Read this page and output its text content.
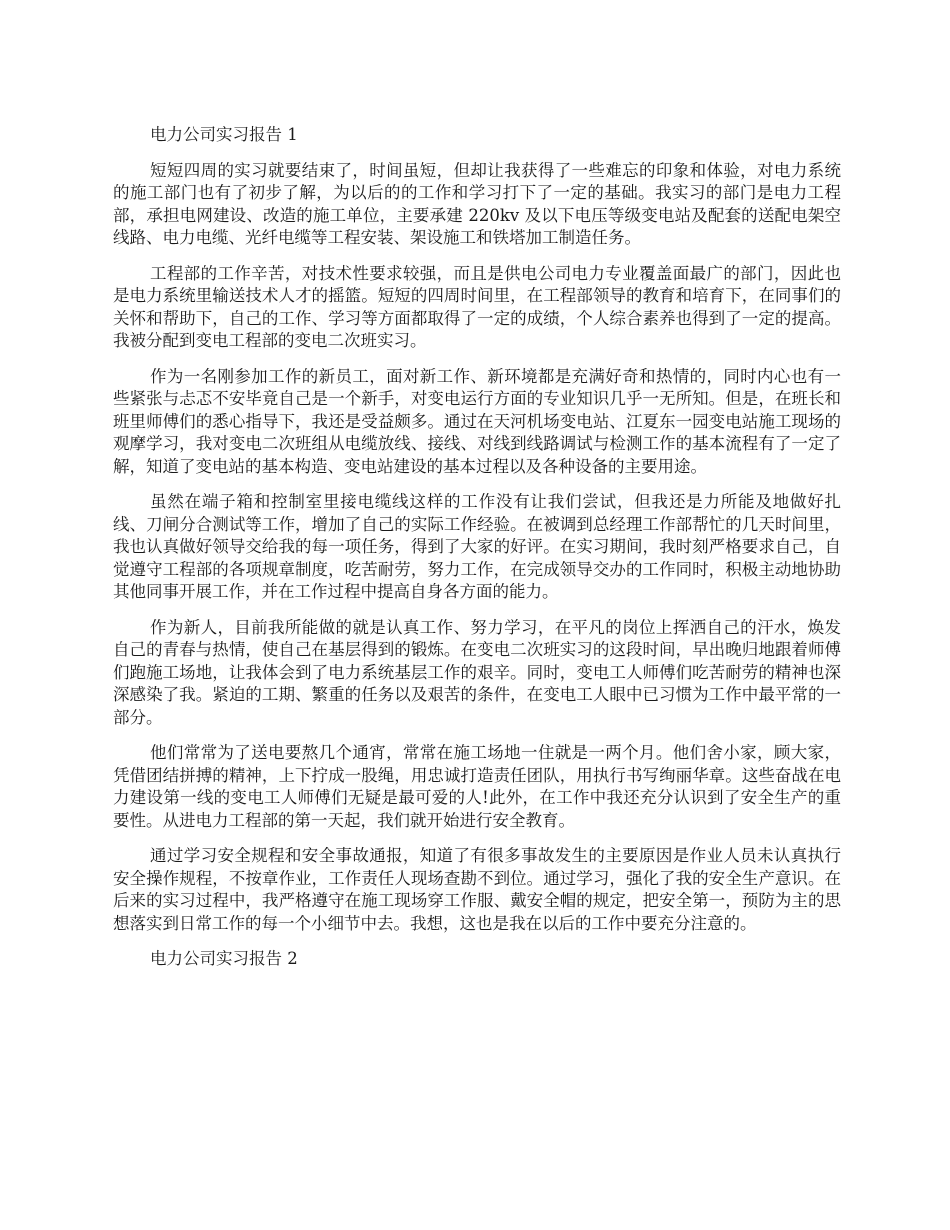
电力公司实习报告 1

短短四周的实习就要结束了，时间虽短，但却让我获得了一些难忘的印象和体验，对电力系统的施工部门也有了初步了解，为以后的的工作和学习打下了一定的基础。我实习的部门是电力工程部，承担电网建设、改造的施工单位，主要承建 220kv 及以下电压等级变电站及配套的送配电架空线路、电力电缆、光纤电缆等工程安装、架设施工和铁塔加工制造任务。

工程部的工作辛苦，对技术性要求较强，而且是供电公司电力专业覆盖面最广的部门，因此也是电力系统里输送技术人才的摇篮。短短的四周时间里，在工程部领导的教育和培育下，在同事们的关怀和帮助下，自己的工作、学习等方面都取得了一定的成绩，个人综合素养也得到了一定的提高。我被分配到变电工程部的变电二次班实习。

作为一名刚参加工作的新员工，面对新工作、新环境都是充满好奇和热情的，同时内心也有一些紧张与忐忑不安毕竟自己是一个新手，对变电运行方面的专业知识几乎一无所知。但是，在班长和班里师傅们的悉心指导下，我还是受益颇多。通过在天河机场变电站、江夏东一园变电站施工现场的观摩学习，我对变电二次班组从电缆放线、接线、对线到线路调试与检测工作的基本流程有了一定了解，知道了变电站的基本构造、变电站建设的基本过程以及各种设备的主要用途。

虽然在端子箱和控制室里接电缆线这样的工作没有让我们尝试，但我还是力所能及地做好扎线、刀闸分合测试等工作，增加了自己的实际工作经验。在被调到总经理工作部帮忙的几天时间里，我也认真做好领导交给我的每一项任务，得到了大家的好评。在实习期间，我时刻严格要求自己，自觉遵守工程部的各项规章制度，吃苦耐劳，努力工作，在完成领导交办的工作同时，积极主动地协助其他同事开展工作，并在工作过程中提高自身各方面的能力。

作为新人，目前我所能做的就是认真工作、努力学习，在平凡的岗位上挥洒自己的汗水，焕发自己的青春与热情，使自己在基层得到的锻炼。在变电二次班实习的这段时间，早出晚归地跟着师傅们跑施工场地，让我体会到了电力系统基层工作的艰辛。同时，变电工人师傅们吃苦耐劳的精神也深深感染了我。紧迫的工期、繁重的任务以及艰苦的条件，在变电工人眼中已习惯为工作中最平常的一部分。

他们常常为了送电要熬几个通宵，常常在施工场地一住就是一两个月。他们舍小家，顾大家，凭借团结拼搏的精神，上下拧成一股绳，用忠诚打造责任团队，用执行书写绚丽华章。这些奋战在电力建设第一线的变电工人师傅们无疑是最可爱的人!此外，在工作中我还充分认识到了安全生产的重要性。从进电力工程部的第一天起，我们就开始进行安全教育。

通过学习安全规程和安全事故通报，知道了有很多事故发生的主要原因是作业人员未认真执行安全操作规程，不按章作业，工作责任人现场查勘不到位。通过学习，强化了我的安全生产意识。在后来的实习过程中，我严格遵守在施工现场穿工作服、戴安全帽的规定，把安全第一，预防为主的思想落实到日常工作的每一个小细节中去。我想，这也是我在以后的工作中要充分注意的。

电力公司实习报告 2
